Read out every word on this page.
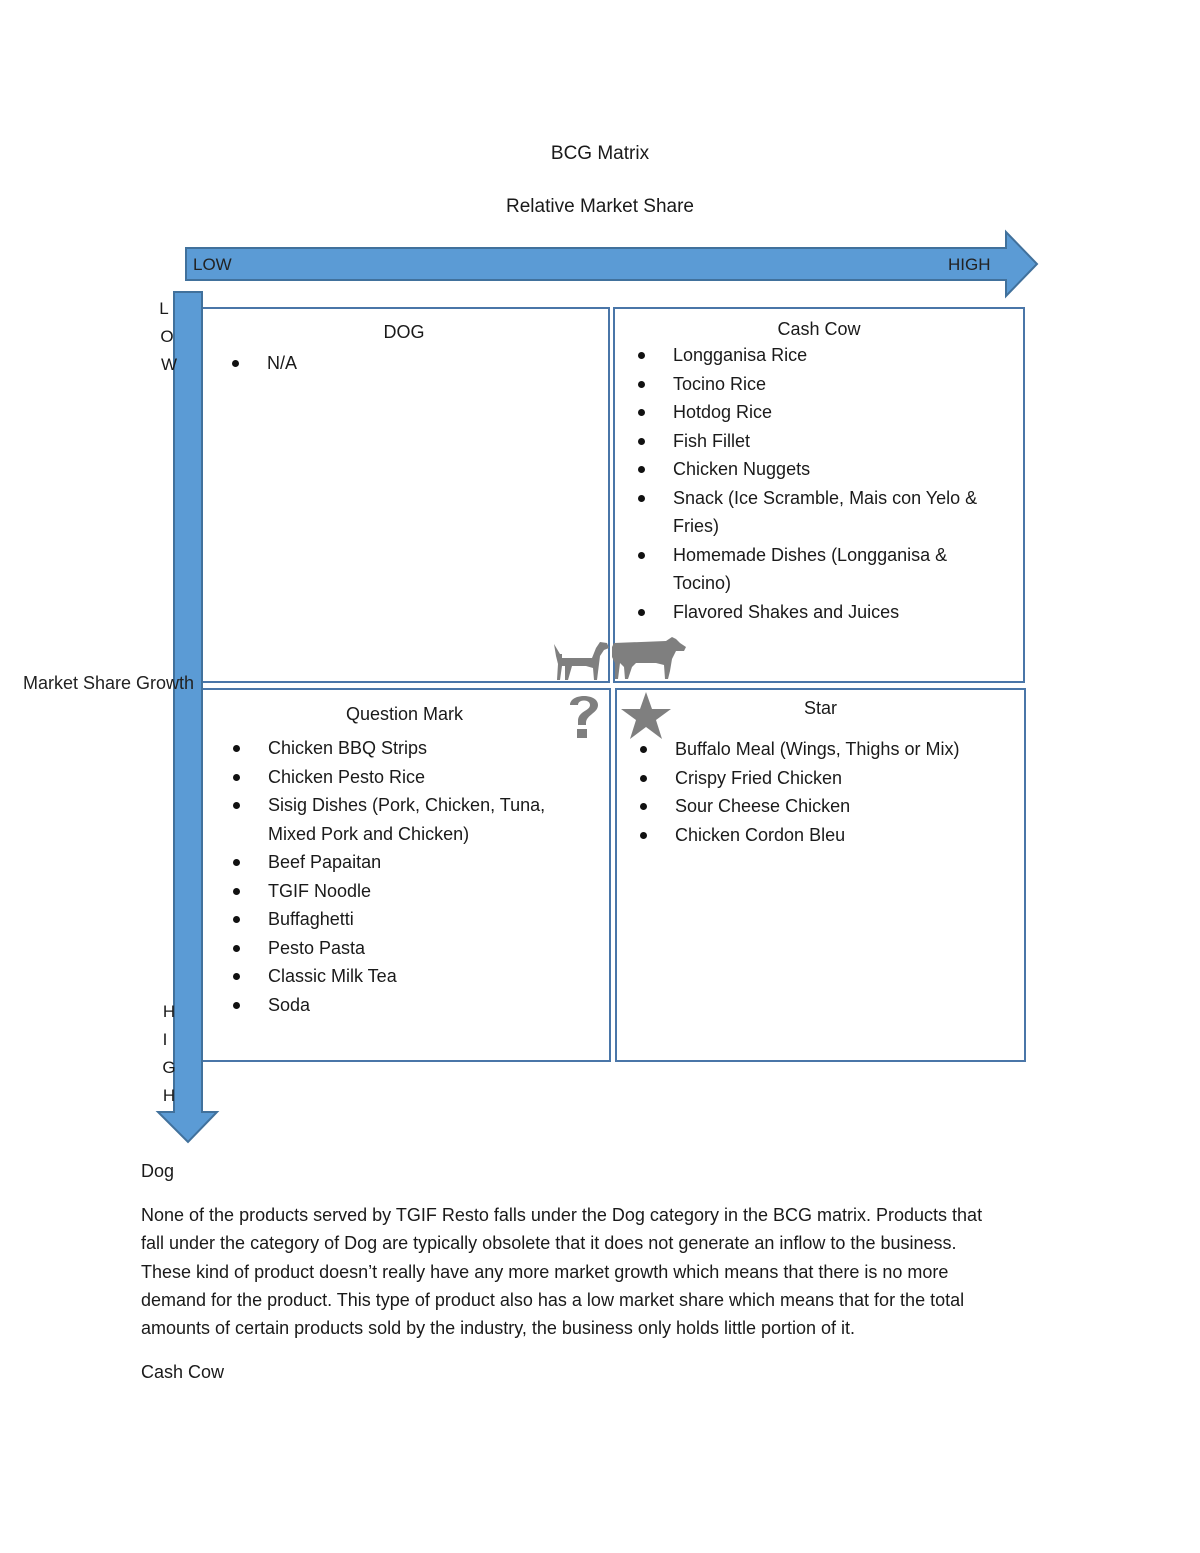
BCG Matrix
Relative Market Share
LOW	HIGH
DOG
N/A
Cash Cow
Longganisa Rice
Tocino Rice
Hotdog Rice
Fish Fillet
Chicken Nuggets
Snack (Ice Scramble, Mais con Yelo &
Fries)
Homemade Dishes (Longganisa &
Tocino)
Flavored Shakes and Juices
Question Mark
Chicken BBQ Strips
Chicken Pesto Rice
Sisig Dishes (Pork, Chicken, Tuna,
Mixed Pork and Chicken)
Beef Papaitan
TGIF Noodle
Buffaghetti
Pesto Pasta
Classic Milk Tea
Soda
Star
Buffalo Meal (Wings, Thighs or Mix)
Crispy Fried Chicken
Sour Cheese Chicken
Chicken Cordon Bleu
L
O
W
H
I
G
H
Market Share Growth
Dog
None of the products served by TGIF Resto falls under the Dog category in the BCG matrix. Products that
fall under the category of Dog are typically obsolete that it does not generate an inflow to the business.
These kind of product doesn’t really have any more market growth which means that there is no more
demand for the product. This type of product also has a low market share which means that for the total
amounts of certain products sold by the industry, the business only holds little portion of it.
Cash Cow
